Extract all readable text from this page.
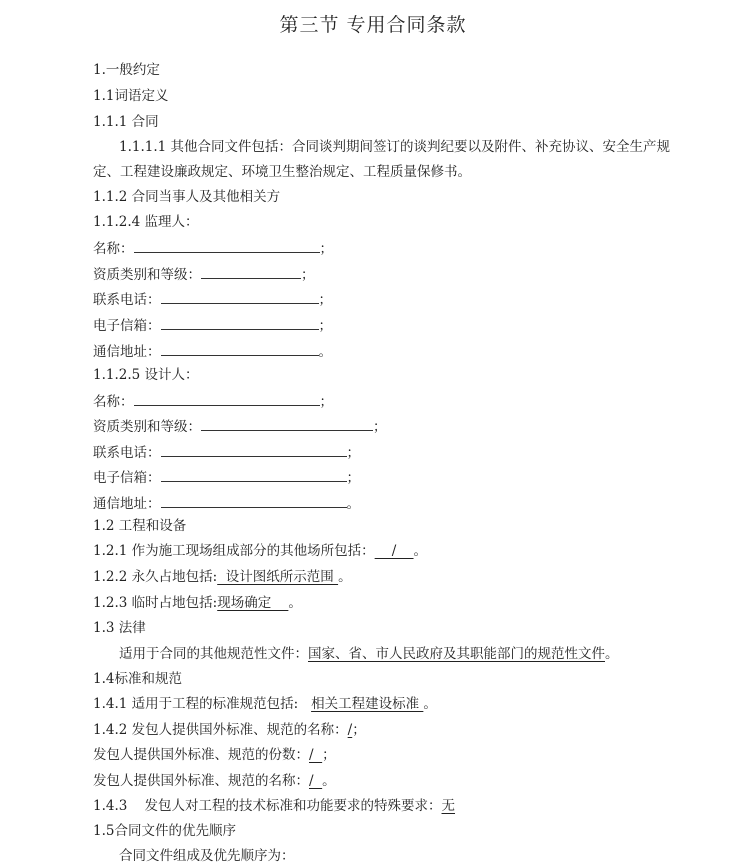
第三节 专用合同条款
1.一般约定
1.1词语定义
1.1.1 合同
1.1.1.1 其他合同文件包括：合同谈判期间签订的谈判纪要以及附件、补充协议、安全生产规
定、工程建设廉政规定、环境卫生整治规定、工程质量保修书。
1.1.2 合同当事人及其他相关方
1.1.2.4 监理人：
名称：	；
资质类别和等级：	；
联系电话：	；
电子信箱：	；
通信地址：	。
1.1.2.5 设计人：
名称：	；
资质类别和等级：	；
联系电话：	；
电子信箱：	；
通信地址：	。
1.2 工程和设备
1.2.1 作为施工现场组成部分的其他场所包括：    /    。
1.2.2 永久占地包括:  设计图纸所示范围 。
1.2.3 临时占地包括:现场确定    。
1.3 法律
适用于合同的其他规范性文件：国家、省、市人民政府及其职能部门的规范性文件。
1.4标准和规范
1.4.1 适用于工程的标准规范包括:   相关工程建设标准 。
1.4.2 发包人提供国外标准、规范的名称：/；
发包人提供国外标准、规范的份数：/  ；
发包人提供国外标准、规范的名称：/  。
1.4.3    发包人对工程的技术标准和功能要求的特殊要求：无
1.5合同文件的优先顺序
合同文件组成及优先顺序为：
